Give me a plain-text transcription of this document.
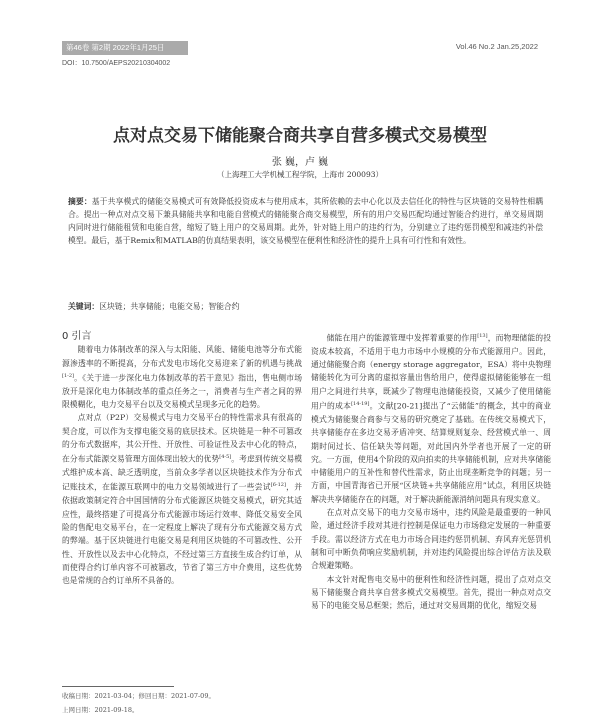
第46卷 第2期 2022年1月25日	Vol.46 No.2 Jan.25,2022
DOI：10.7500/AEPS20210304002
点对点交易下储能聚合商共享自营多模式交易模型
张 巍，卢 巍
（上海理工大学机械工程学院，上海市 200093）
摘要：基于共享模式的储能交易模式可有效降低投资成本与使用成本，其所依赖的去中心化以及去信任化的特性与区块链的交易特性相耦合。提出一种点对点交易下兼具储能共享和电能自营模式的储能聚合商交易模型，所有的用户交易匹配均通过智能合约进行，单交易周期内同时进行储能租赁和电能自营，缩短了链上用户的交易周期。此外，针对链上用户的违约行为，分别建立了违约惩罚模型和减违约补偿模型。最后，基于Remix和MATLAB的仿真结果表明，该交易模型在便利性和经济性的提升上具有可行性和有效性。
关键词：区块链；共享储能；电能交易；智能合约

0 引言

随着电力体制改革的深入与太阳能、风能、储能电池等分布式能源渗透率的不断提高，分布式发电市场化交易迎来了新的机遇与挑战[1-2]。《关于进一步深化电力体制改革的若干意见》指出，售电侧市场放开是深化电力体制改革的重点任务之一，消费者与生产者之间的界限模糊化，电力交易平台以及交易模式呈现多元化的趋势。

点对点（P2P）交易模式与电力交易平台的特性需求具有很高的契合度，可以作为支撑电能交易的底层技术。区块链是一种不可篡改的分布式数据库，其公开性、开放性、可验证性及去中心化的特点，在分布式能源交易管理方面体现出较大的优势[4-5]。考虑到传统交易模式维护成本高、缺乏透明度，当前众多学者以区块链技术作为分布式记账技术，在能源互联网中的电力交易领域进行了一些尝试[6-12]，并依据政策制定符合中国国情的分布式能源区块链交易模式，研究其适应性，最终搭建了可提高分布式能源市场运行效率、降低交易安全风险的售配电交易平台，在一定程度上解决了现有分布式能源交易方式的弊端。基于区块链进行电能交易是利用区块链的不可篡改性、公开性、开放性以及去中心化特点，不经过第三方直接生成合约订单，从而使得合约订单内容不可被篡改，节省了第三方中介费用，这些优势也是常规的合约订单所不具备的。

储能在用户的能源管理中发挥着重要的作用[13]，而物理储能的投资成本较高，不适用于电力市场中小规模的分布式能源用户。因此，通过储能聚合商（energy storage aggregator，ESA）将中央物理储能转化为可分离的虚拟容量出售给用户，使得虚拟储能能够在一组用户之间进行共享，既减少了物理电池储能投资，又减少了使用储能用户的成本[14-19]。文献[20-21]提出了“云储能”的概念，其中的商业模式为储能聚合商参与交易的研究奠定了基础。在传统交易模式下，共享储能存在多边交易矛盾冲突、结算规则复杂、经营模式单一、周期时间过长、信任缺失等问题，对此国内外学者也开展了一定的研究。一方面，使用4个阶段的双向拍卖的共享储能机制，应对共享储能中储能用户的互补性和替代性需求，防止出现垄断竞争的问题；另一方面，中国青海省已开展“区块链+共享储能应用”试点，利用区块链解决共享储能存在的问题，对于解决新能源消纳问题具有现实意义。

在点对点交易下的电力交易市场中，违约风险是最重要的一种风险，通过经济手段对其进行控制是保证电力市场稳定发展的一种重要手段。需以经济方式在电力市场合同违约惩罚机制、弃风弃光惩罚机制和可中断负荷响应奖励机制，并对违约风险提出综合评估方法及联合规避策略。

本文针对配售电交易中的便利性和经济性问题，提出了点对点交易下储能聚合商共享自营多模式交易模型。首先，提出一种点对点交易下的电能交易总框架；然后，通过对交易周期的优化，缩短交易

收稿日期：2021-03-04；修回日期：2021-07-09。
上网日期：2021-09-18。
